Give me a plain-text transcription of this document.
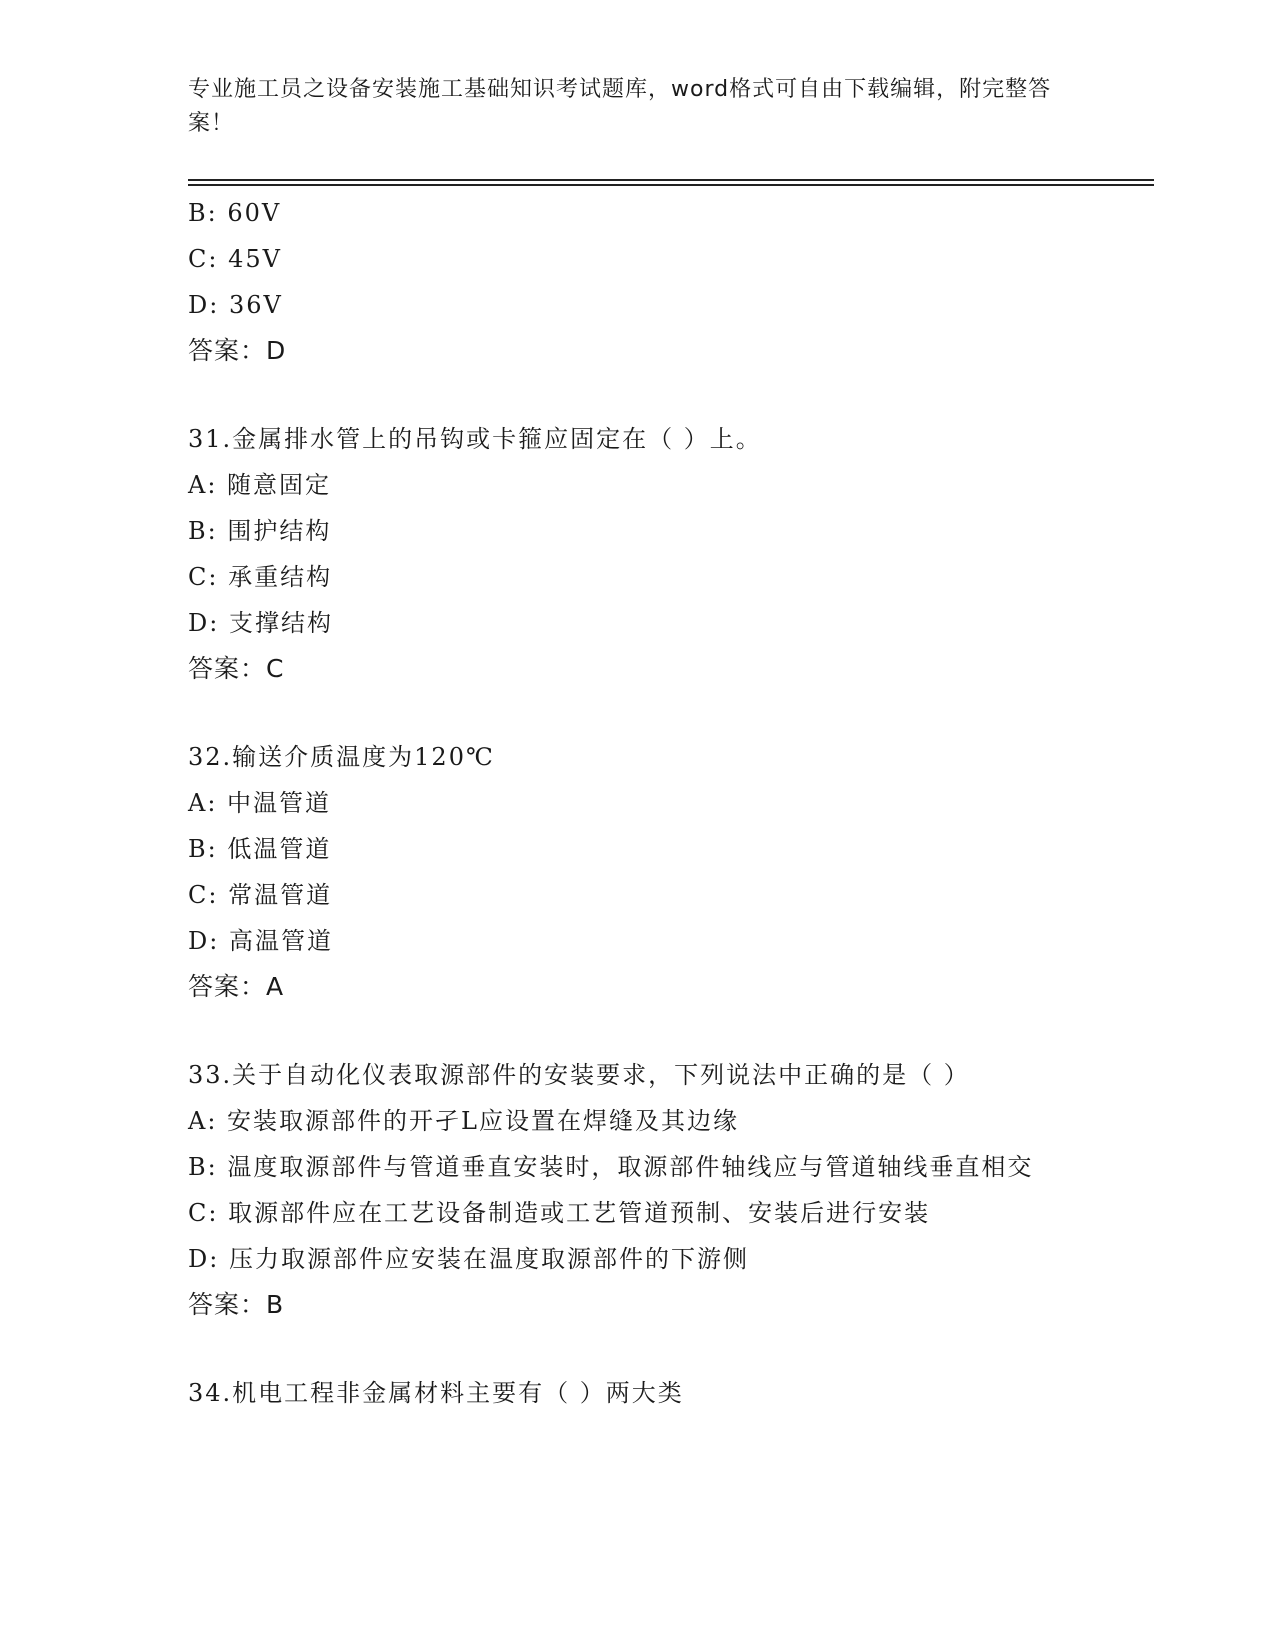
专业施工员之设备安装施工基础知识考试题库，word格式可自由下载编辑，附完整答案！

B: 60V

C: 45V

D: 36V

答案：D

31.金属排水管上的吊钩或卡箍应固定在（ ）上。

A: 随意固定

B: 围护结构

C: 承重结构

D: 支撑结构

答案：C

32.输送介质温度为120℃

A: 中温管道

B: 低温管道

C: 常温管道

D: 高温管道

答案：A

33.关于自动化仪表取源部件的安装要求，下列说法中正确的是（ ）

A: 安装取源部件的开孑L应设置在焊缝及其边缘

B: 温度取源部件与管道垂直安装时，取源部件轴线应与管道轴线垂直相交

C: 取源部件应在工艺设备制造或工艺管道预制、安装后进行安装

D: 压力取源部件应安装在温度取源部件的下游侧

答案：B

34.机电工程非金属材料主要有（ ）两大类
